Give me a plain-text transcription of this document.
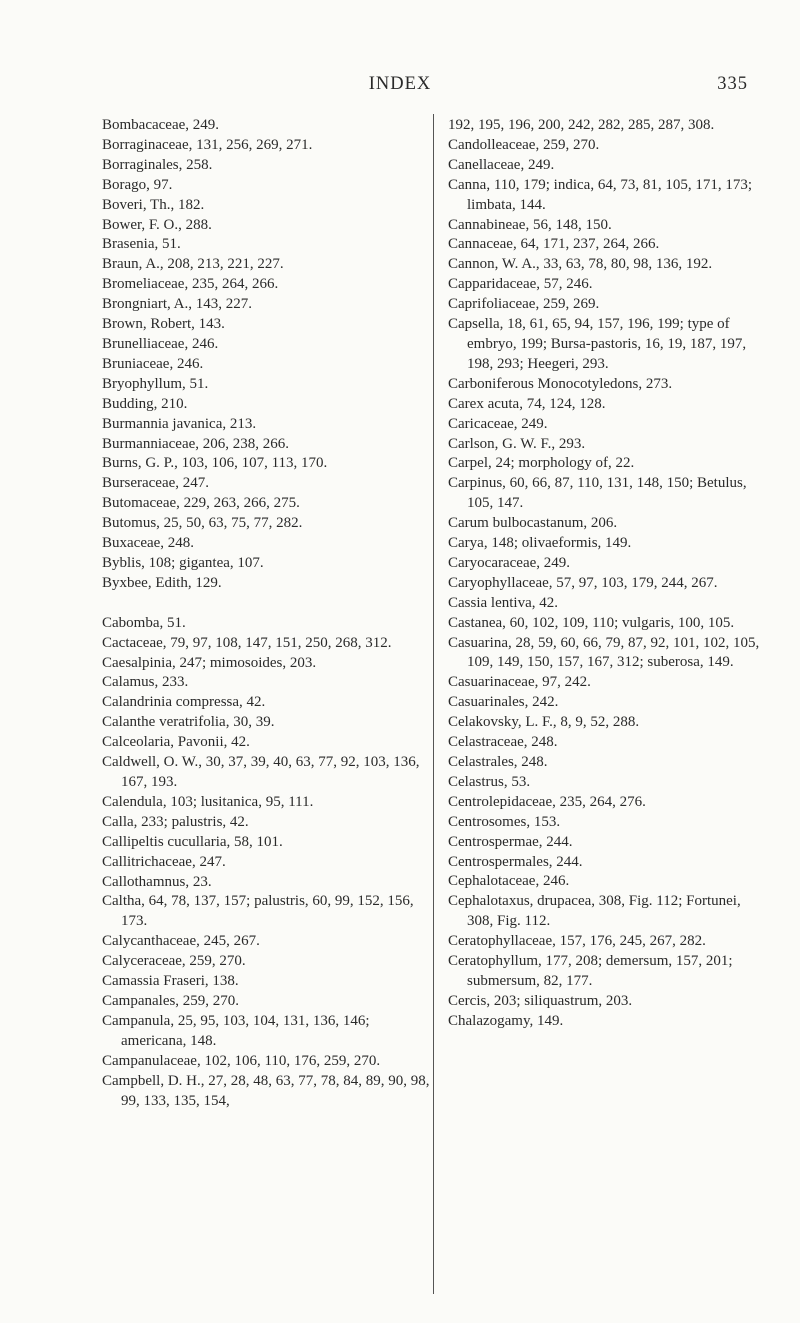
INDEX	335

Bombacaceae, 249.

Borraginaceae, 131, 256, 269, 271.

Borraginales, 258.

Borago, 97.

Boveri, Th., 182.

Bower, F. O., 288.

Brasenia, 51.

Braun, A., 208, 213, 221, 227.

Bromeliaceae, 235, 264, 266.

Brongniart, A., 143, 227.

Brown, Robert, 143.

Brunelliaceae, 246.

Bruniaceae, 246.

Bryophyllum, 51.

Budding, 210.

Burmannia javanica, 213.

Burmanniaceae, 206, 238, 266.

Burns, G. P., 103, 106, 107, 113, 170.

Burseraceae, 247.

Butomaceae, 229, 263, 266, 275.

Butomus, 25, 50, 63, 75, 77, 282.

Buxaceae, 248.

Byblis, 108; gigantea, 107.

Byxbee, Edith, 129.

Cabomba, 51.

Cactaceae, 79, 97, 108, 147, 151, 250, 268, 312.

Caesalpinia, 247; mimosoides, 203.

Calamus, 233.

Calandrinia compressa, 42.

Calanthe veratrifolia, 30, 39.

Calceolaria, Pavonii, 42.

Caldwell, O. W., 30, 37, 39, 40, 63, 77, 92, 103, 136, 167, 193.

Calendula, 103; lusitanica, 95, 111.

Calla, 233; palustris, 42.

Callipeltis cucullaria, 58, 101.

Callitrichaceae, 247.

Callothamnus, 23.

Caltha, 64, 78, 137, 157; palustris, 60, 99, 152, 156, 173.

Calycanthaceae, 245, 267.

Calyceraceae, 259, 270.

Camassia Fraseri, 138.

Campanales, 259, 270.

Campanula, 25, 95, 103, 104, 131, 136, 146; americana, 148.

Campanulaceae, 102, 106, 110, 176, 259, 270.

Campbell, D. H., 27, 28, 48, 63, 77, 78, 84, 89, 90, 98, 99, 133, 135, 154,

192, 195, 196, 200, 242, 282, 285, 287, 308.

Candolleaceae, 259, 270.

Canellaceae, 249.

Canna, 110, 179; indica, 64, 73, 81, 105, 171, 173; limbata, 144.

Cannabineae, 56, 148, 150.

Cannaceae, 64, 171, 237, 264, 266.

Cannon, W. A., 33, 63, 78, 80, 98, 136, 192.

Capparidaceae, 57, 246.

Caprifoliaceae, 259, 269.

Capsella, 18, 61, 65, 94, 157, 196, 199; type of embryo, 199; Bursa-pastoris, 16, 19, 187, 197, 198, 293; Heegeri, 293.

Carboniferous Monocotyledons, 273.

Carex acuta, 74, 124, 128.

Caricaceae, 249.

Carlson, G. W. F., 293.

Carpel, 24; morphology of, 22.

Carpinus, 60, 66, 87, 110, 131, 148, 150; Betulus, 105, 147.

Carum bulbocastanum, 206.

Carya, 148; olivaeformis, 149.

Caryocaraceae, 249.

Caryophyllaceae, 57, 97, 103, 179, 244, 267.

Cassia lentiva, 42.

Castanea, 60, 102, 109, 110; vulgaris, 100, 105.

Casuarina, 28, 59, 60, 66, 79, 87, 92, 101, 102, 105, 109, 149, 150, 157, 167, 312; suberosa, 149.

Casuarinaceae, 97, 242.

Casuarinales, 242.

Celakovsky, L. F., 8, 9, 52, 288.

Celastraceae, 248.

Celastrales, 248.

Celastrus, 53.

Centrolepidaceae, 235, 264, 276.

Centrosomes, 153.

Centrospermae, 244.

Centrospermales, 244.

Cephalotaceae, 246.

Cephalotaxus, drupacea, 308, Fig. 112; Fortunei, 308, Fig. 112.

Ceratophyllaceae, 157, 176, 245, 267, 282.

Ceratophyllum, 177, 208; demersum, 157, 201; submersum, 82, 177.

Cercis, 203; siliquastrum, 203.

Chalazogamy, 149.
